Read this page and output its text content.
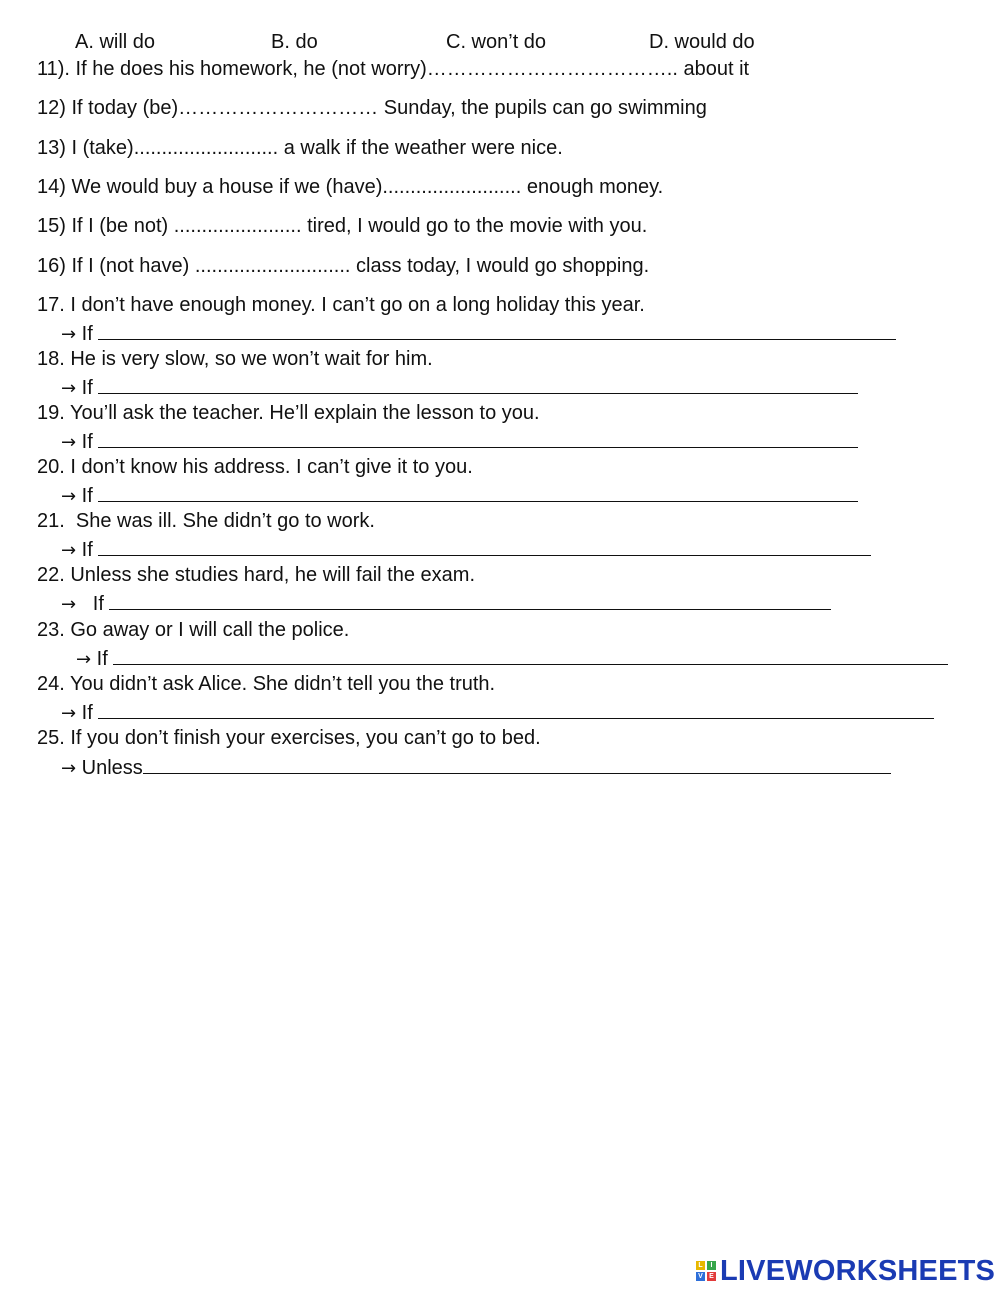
A. will do	B. do	C. won’t do	D. would do
11). If he does his homework, he (not worry)……………………………….. about it
12) If today (be)………………………… Sunday, the pupils can go swimming
13) I (take).......................... a walk if the weather were nice.
14) We would buy a house if we (have)......................... enough money.
15) If I (be not) ....................... tired, I would go to the movie with you.
16) If I (not have) ............................ class today, I would go shopping.
17. I don’t have enough money. I can’t go on a long holiday this year.
→ If
18. He is very slow, so we won’t wait for him.
→ If
19. You’ll ask the teacher. He’ll explain the lesson to you.
→ If
20. I don’t know his address. I can’t give it to you.
→ If
21.  She was ill. She didn’t go to work.
→ If
22. Unless she studies hard, he will fail the exam.
→ If
23. Go away or I will call the police.
→ If
24. You didn’t ask Alice. She didn’t tell you the truth.
→ If
25. If you don’t finish your exercises, you can’t go to bed.
→ Unless
L	I
V E LIVEWORKSHEETS
